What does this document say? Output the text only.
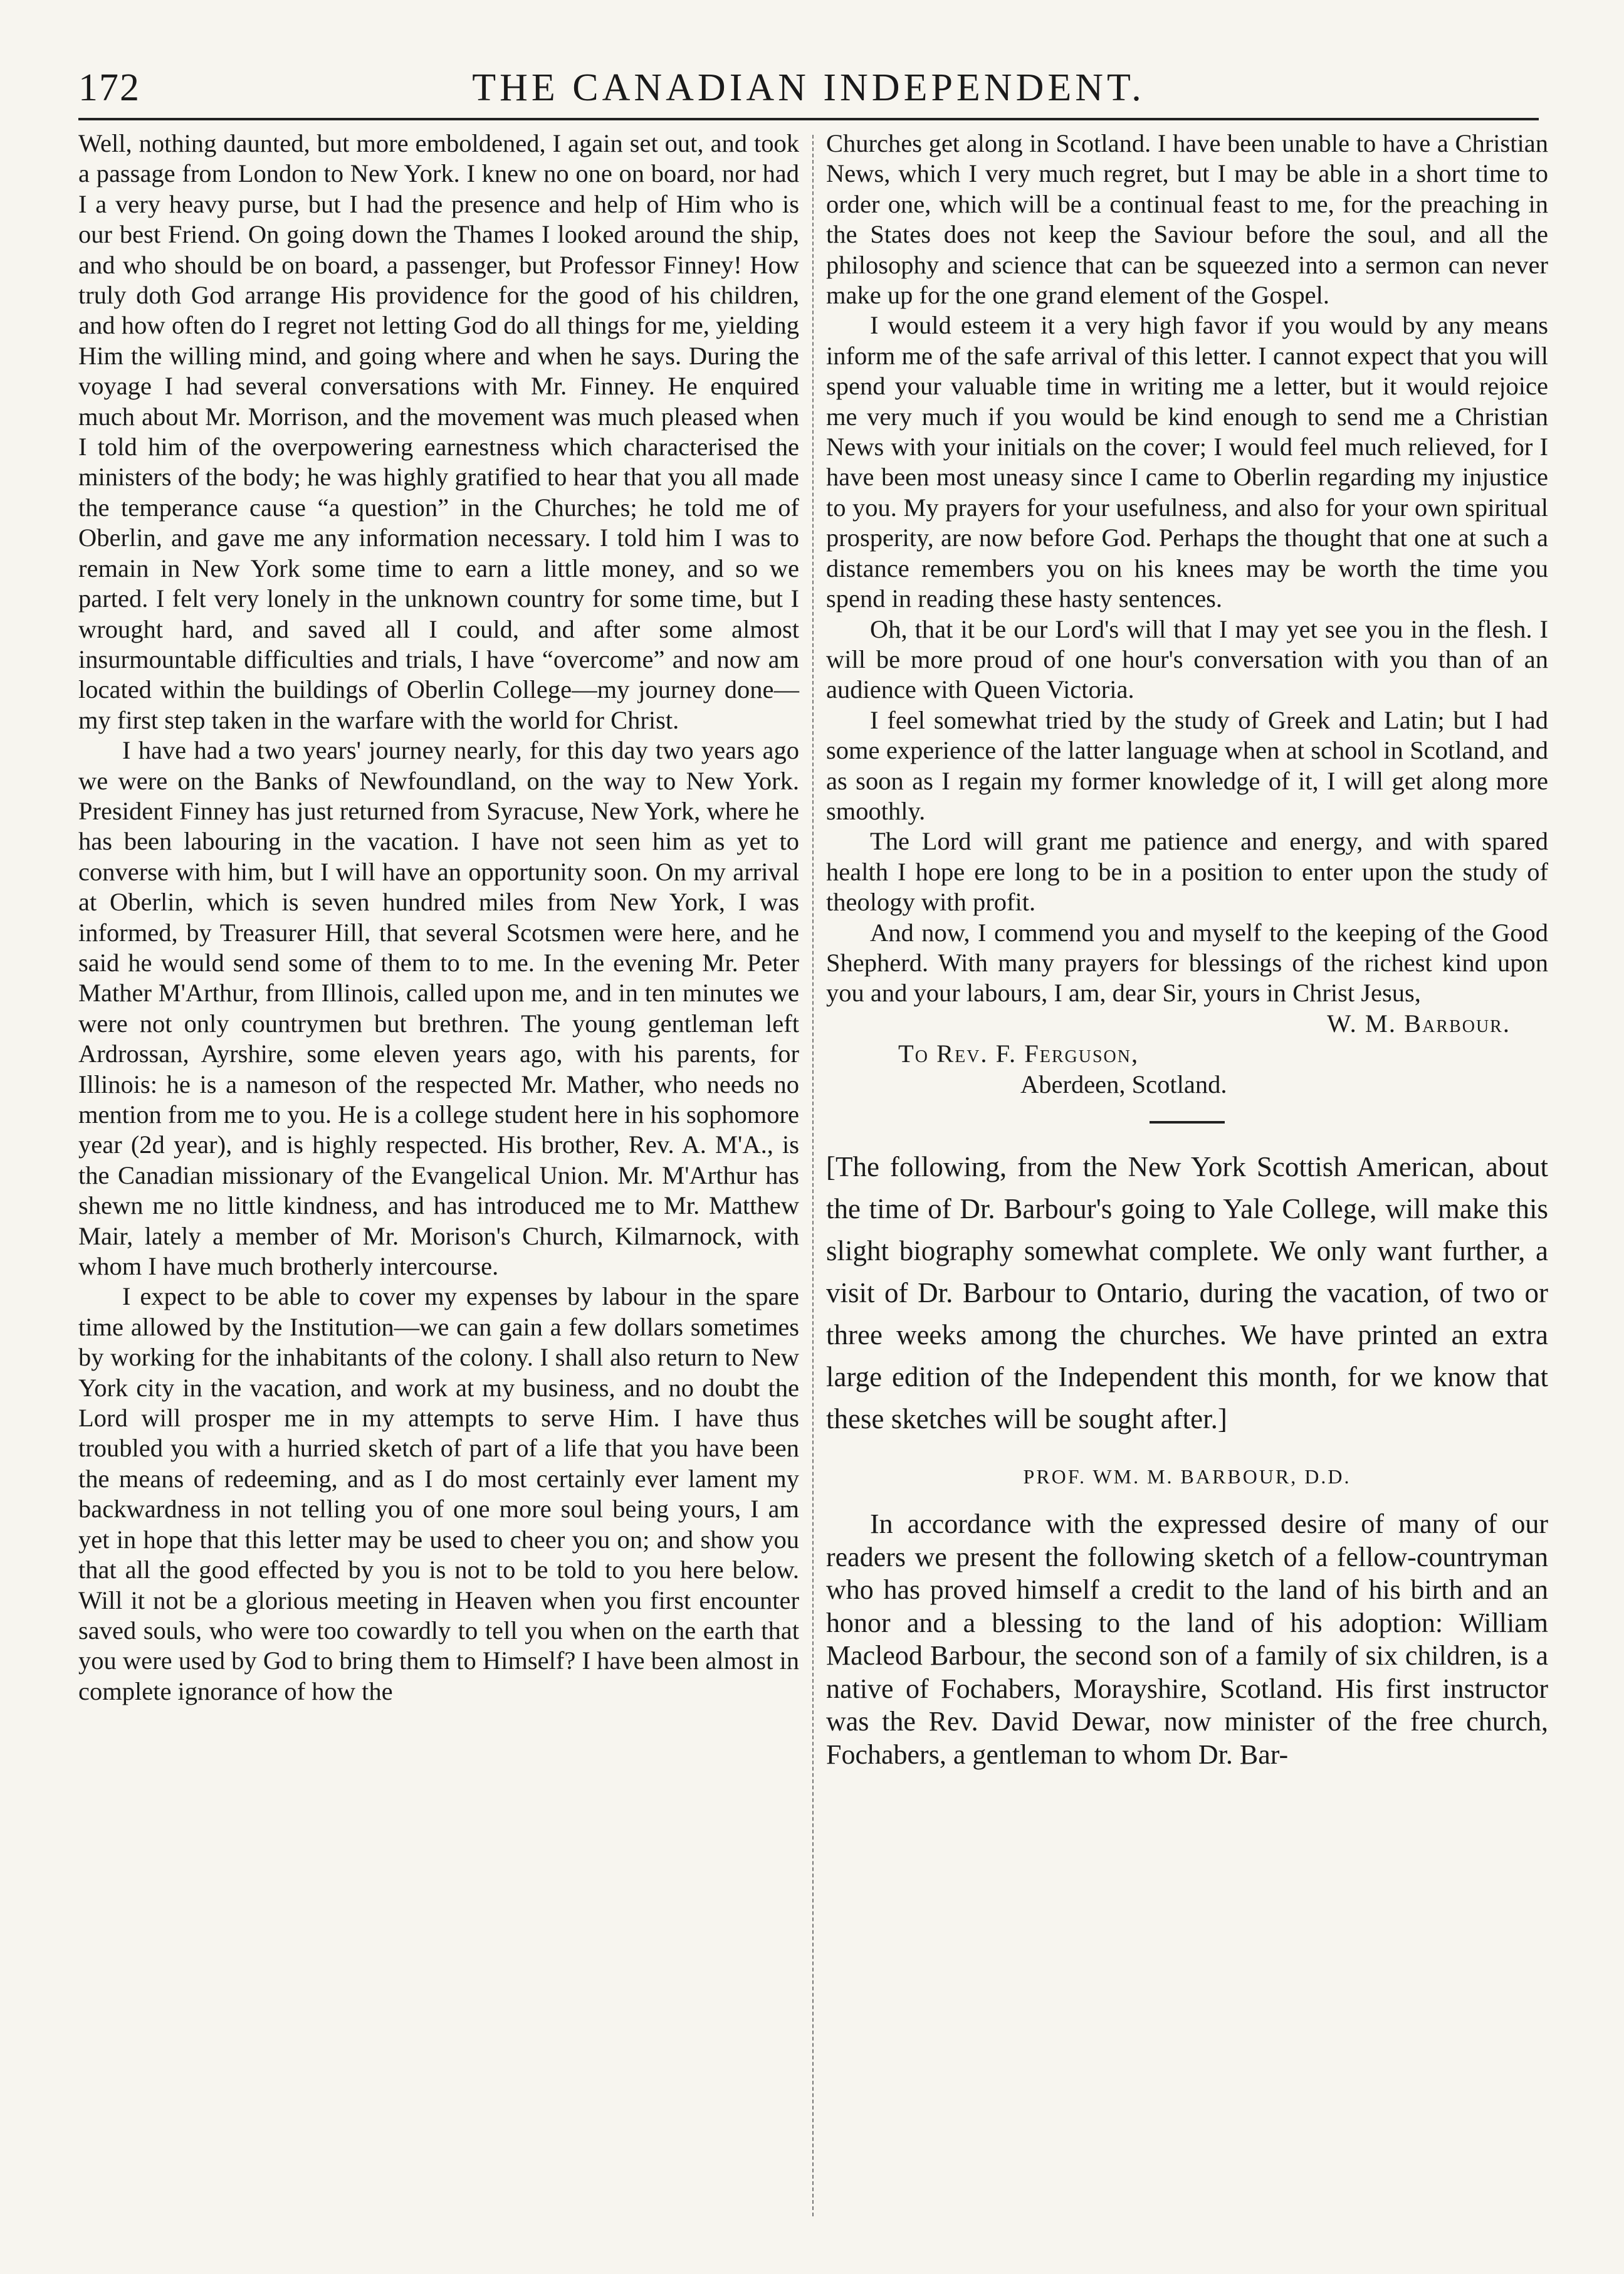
172	THE CANADIAN INDEPENDENT.

Well, nothing daunted, but more emboldened, I again set out, and took a passage from London to New York. I knew no one on board, nor had I a very heavy purse, but I had the presence and help of Him who is our best Friend. On going down the Thames I looked around the ship, and who should be on board, a passenger, but Professor Finney! How truly doth God arrange His providence for the good of his children, and how often do I regret not letting God do all things for me, yielding Him the willing mind, and going where and when he says. During the voyage I had several conversations with Mr. Finney. He enquired much about Mr. Morrison, and the movement was much pleased when I told him of the overpowering earnestness which characterised the ministers of the body; he was highly gratified to hear that you all made the temperance cause “a question” in the Churches; he told me of Oberlin, and gave me any information necessary. I told him I was to remain in New York some time to earn a little money, and so we parted. I felt very lonely in the unknown country for some time, but I wrought hard, and saved all I could, and after some almost insurmountable difficulties and trials, I have “overcome” and now am located within the buildings of Oberlin College—my journey done—my first step taken in the warfare with the world for Christ.

I have had a two years' journey nearly, for this day two years ago we were on the Banks of Newfoundland, on the way to New York. President Finney has just returned from Syracuse, New York, where he has been labouring in the vacation. I have not seen him as yet to converse with him, but I will have an opportunity soon. On my arrival at Oberlin, which is seven hundred miles from New York, I was informed, by Treasurer Hill, that several Scotsmen were here, and he said he would send some of them to to me. In the evening Mr. Peter Mather M'Arthur, from Illinois, called upon me, and in ten minutes we were not only countrymen but brethren. The young gentleman left Ardrossan, Ayrshire, some eleven years ago, with his parents, for Illinois: he is a nameson of the respected Mr. Mather, who needs no mention from me to you. He is a college student here in his sophomore year (2d year), and is highly respected. His brother, Rev. A. M'A., is the Canadian missionary of the Evangelical Union. Mr. M'Arthur has shewn me no little kindness, and has introduced me to Mr. Matthew Mair, lately a member of Mr. Morison's Church, Kilmarnock, with whom I have much brotherly intercourse.

I expect to be able to cover my expenses by labour in the spare time allowed by the Institution—we can gain a few dollars sometimes by working for the inhabitants of the colony. I shall also return to New York city in the vacation, and work at my business, and no doubt the Lord will prosper me in my attempts to serve Him. I have thus troubled you with a hurried sketch of part of a life that you have been the means of redeeming, and as I do most certainly ever lament my backwardness in not telling you of one more soul being yours, I am yet in hope that this letter may be used to cheer you on; and show you that all the good effected by you is not to be told to you here below. Will it not be a glorious meeting in Heaven when you first encounter saved souls, who were too cowardly to tell you when on the earth that you were used by God to bring them to Himself? I have been almost in complete ignorance of how the

Churches get along in Scotland. I have been unable to have a Christian News, which I very much regret, but I may be able in a short time to order one, which will be a continual feast to me, for the preaching in the States does not keep the Saviour before the soul, and all the philosophy and science that can be squeezed into a sermon can never make up for the one grand element of the Gospel.

I would esteem it a very high favor if you would by any means inform me of the safe arrival of this letter. I cannot expect that you will spend your valuable time in writing me a letter, but it would rejoice me very much if you would be kind enough to send me a Christian News with your initials on the cover; I would feel much relieved, for I have been most uneasy since I came to Oberlin regarding my injustice to you. My prayers for your usefulness, and also for your own spiritual prosperity, are now before God. Perhaps the thought that one at such a distance remembers you on his knees may be worth the time you spend in reading these hasty sentences.

Oh, that it be our Lord's will that I may yet see you in the flesh. I will be more proud of one hour's conversation with you than of an audience with Queen Victoria.

I feel somewhat tried by the study of Greek and Latin; but I had some experience of the latter language when at school in Scotland, and as soon as I regain my former knowledge of it, I will get along more smoothly.

The Lord will grant me patience and energy, and with spared health I hope ere long to be in a position to enter upon the study of theology with profit.

And now, I commend you and myself to the keeping of the Good Shepherd. With many prayers for blessings of the richest kind upon you and your labours, I am, dear Sir, yours in Christ Jesus,

W. M. Barbour.

To Rev. F. Ferguson,

Aberdeen, Scotland.

[The following, from the New York Scottish American, about the time of Dr. Barbour's going to Yale College, will make this slight biography somewhat complete. We only want further, a visit of Dr. Barbour to Ontario, during the vacation, of two or three weeks among the churches. We have printed an extra large edition of the Independent this month, for we know that these sketches will be sought after.]

PROF. WM. M. BARBOUR, D.D.

In accordance with the expressed desire of many of our readers we present the following sketch of a fellow-countryman who has proved himself a credit to the land of his birth and an honor and a blessing to the land of his adoption: William Macleod Barbour, the second son of a family of six children, is a native of Fochabers, Morayshire, Scotland. His first instructor was the Rev. David Dewar, now minister of the free church, Fochabers, a gentleman to whom Dr. Bar-
